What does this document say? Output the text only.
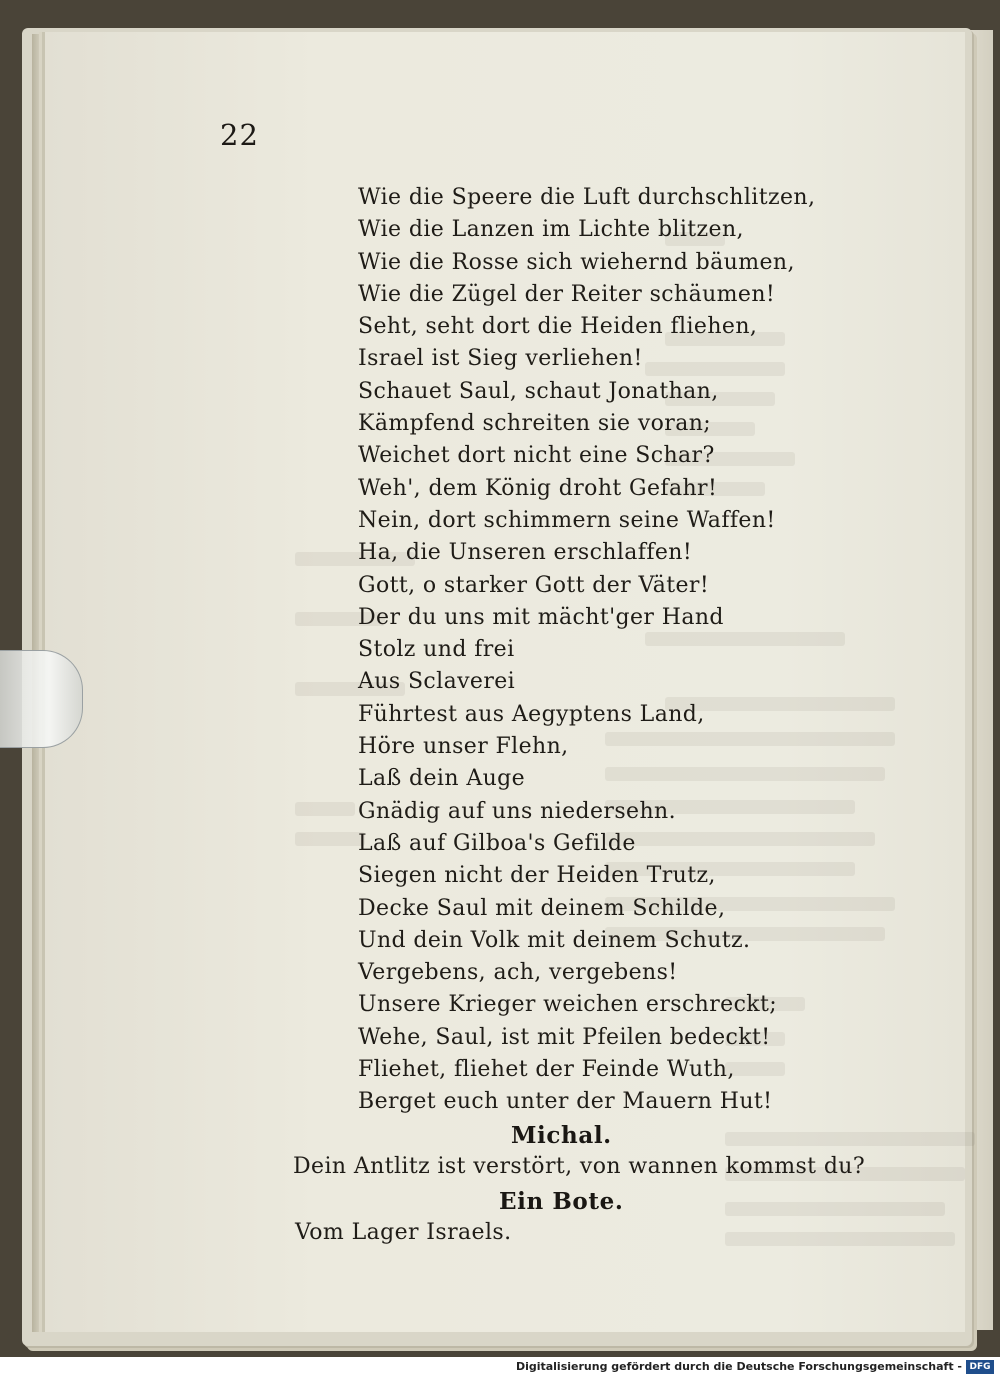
22
Wie die Speere die Luft durchschlitzen,
Wie die Lanzen im Lichte blitzen,
Wie die Rosse sich wiehernd bäumen,
Wie die Zügel der Reiter schäumen!
Seht, seht dort die Heiden fliehen,
Israel ist Sieg verliehen!
Schauet Saul, schaut Jonathan,
Kämpfend schreiten sie voran;
Weichet dort nicht eine Schar?
Weh', dem König droht Gefahr!
Nein, dort schimmern seine Waffen!
Ha, die Unseren erschlaffen!
Gott, o starker Gott der Väter!
Der du uns mit mächt'ger Hand
Stolz und frei
Aus Sclaverei
Führtest aus Aegyptens Land,
Höre unser Flehn,
Laß dein Auge
Gnädig auf uns niedersehn.
Laß auf Gilboa's Gefilde
Siegen nicht der Heiden Trutz,
Decke Saul mit deinem Schilde,
Und dein Volk mit deinem Schutz.
Vergebens, ach, vergebens!
Unsere Krieger weichen erschreckt;
Wehe, Saul, ist mit Pfeilen bedeckt!
Fliehet, fliehet der Feinde Wuth,
Berget euch unter der Mauern Hut!
Michal.
Dein Antlitz ist verstört, von wannen kommst du?
Ein Bote.
Vom Lager Israels.
Digitalisierung gefördert durch die Deutsche Forschungsgemeinschaft - DFG
